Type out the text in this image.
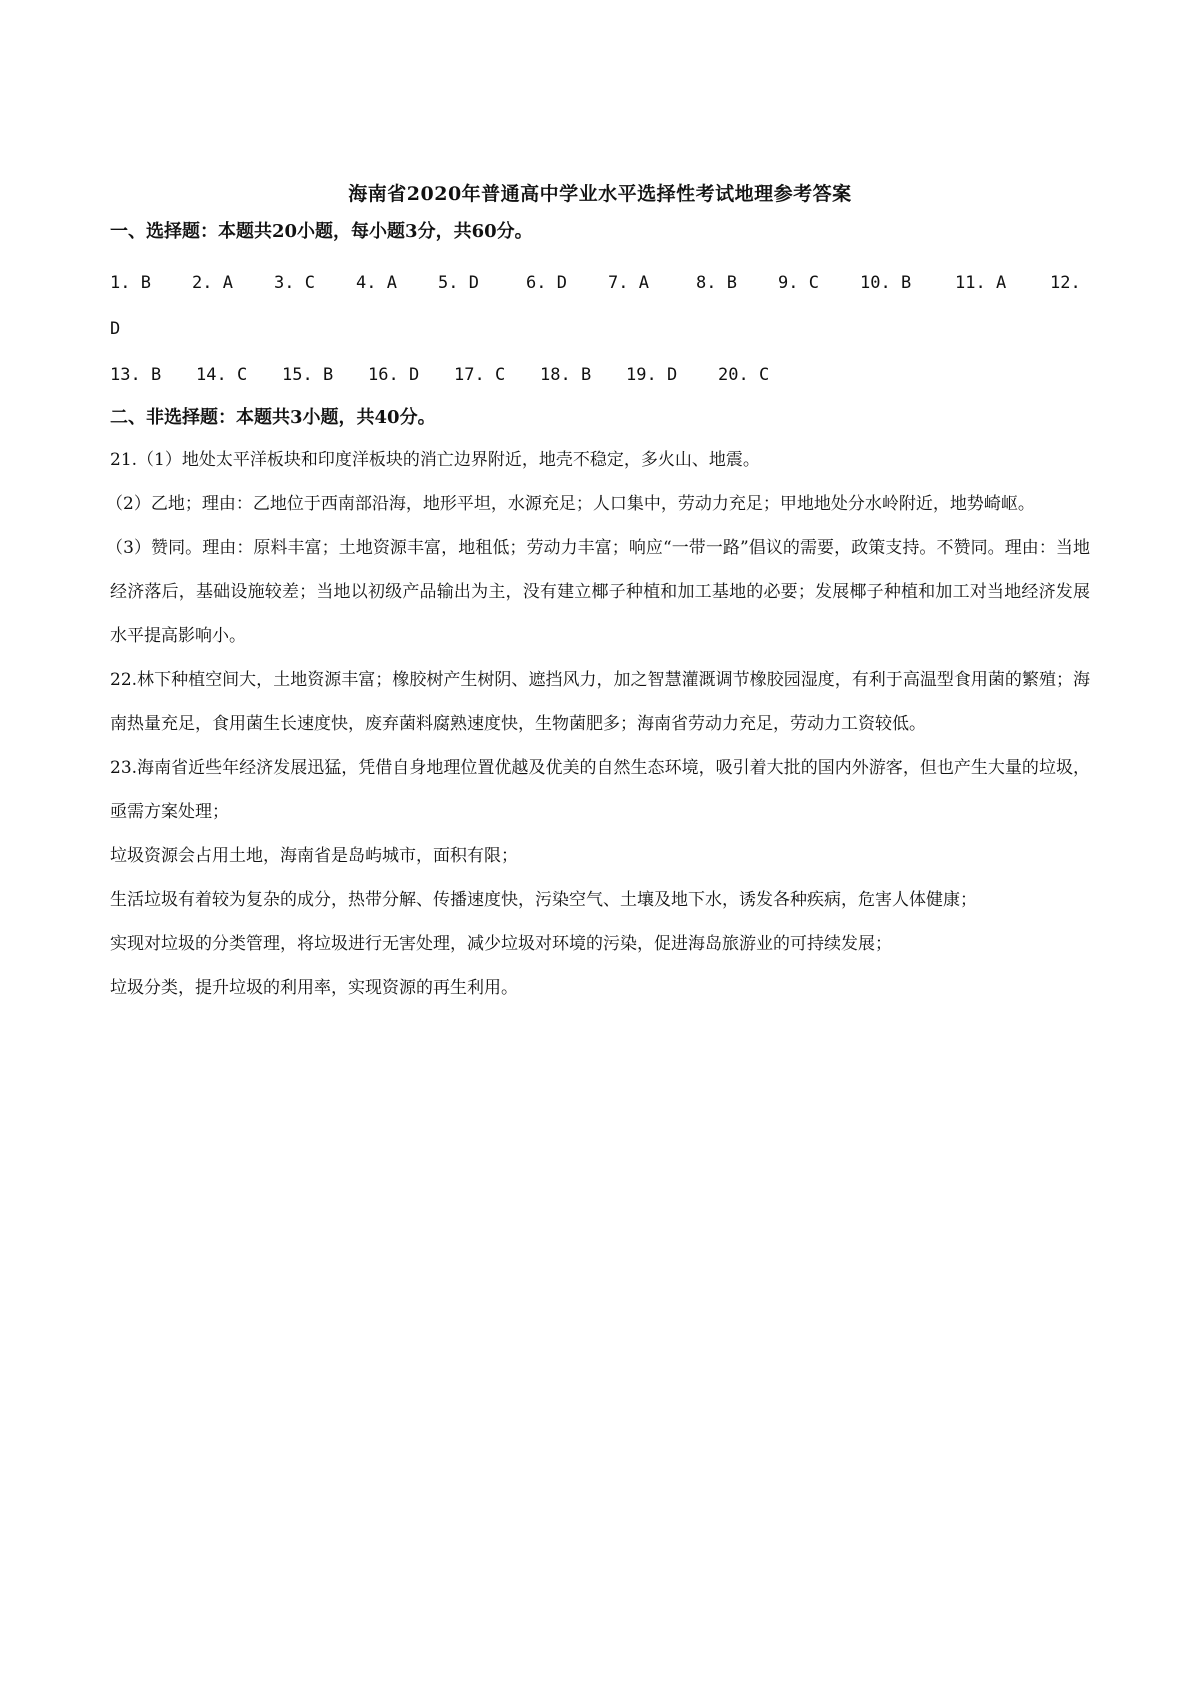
海南省2020年普通高中学业水平选择性考试地理参考答案
一、选择题：本题共20小题，每小题3分，共60分。
1. B	2. A	3. C	4. A	5. D	6. D	7. A	8. B	9. C	10. B	11. A	12.
D
13. B	14. C	15. B	16. D	17. C	18. B	19. D	20. C
二、非选择题：本题共3小题，共40分。

21.（1）地处太平洋板块和印度洋板块的消亡边界附近，地壳不稳定，多火山、地震。

（2）乙地；理由：乙地位于西南部沿海，地形平坦，水源充足；人口集中，劳动力充足；甲地地处分水岭附近，地势崎岖。

（3）赞同。理由：原料丰富；土地资源丰富，地租低；劳动力丰富；响应“一带一路”倡议的需要，政策支持。不赞同。理由：当地经济落后，基础设施较差；当地以初级产品输出为主，没有建立椰子种植和加工基地的必要；发展椰子种植和加工对当地经济发展水平提高影响小。

22.林下种植空间大，土地资源丰富；橡胶树产生树阴、遮挡风力，加之智慧灌溉调节橡胶园湿度，有利于高温型食用菌的繁殖；海南热量充足，食用菌生长速度快，废弃菌料腐熟速度快，生物菌肥多；海南省劳动力充足，劳动力工资较低。

23.海南省近些年经济发展迅猛，凭借自身地理位置优越及优美的自然生态环境，吸引着大批的国内外游客，但也产生大量的垃圾，亟需方案处理；

垃圾资源会占用土地，海南省是岛屿城市，面积有限；

生活垃圾有着较为复杂的成分，热带分解、传播速度快，污染空气、土壤及地下水，诱发各种疾病，危害人体健康；

实现对垃圾的分类管理，将垃圾进行无害处理，减少垃圾对环境的污染，促进海岛旅游业的可持续发展；

垃圾分类，提升垃圾的利用率，实现资源的再生利用。
